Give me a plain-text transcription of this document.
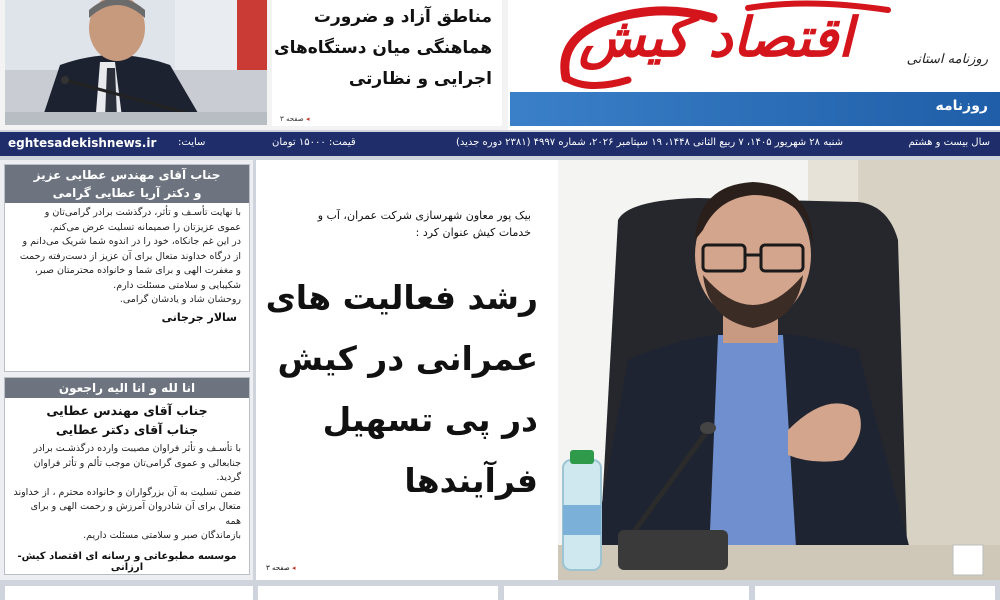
مناطق آزاد و ضرورت
هماهنگی میان دستگاه‌های
اجرایی و نظارتی
◂ صفحه ۳
اقتصاد کیش	روزنامه استانی
روزنامه
eghtesadekishnews.ir سایت:	قیمت: ۱۵۰۰۰ تومان	شنبه ۲۸ شهریور ۱۴۰۵، ۷ ربیع الثانی ۱۴۴۸، ۱۹ سپتامبر ۲۰۲۶، شماره ۴۹۹۷ (۲۳۸۱ دوره جدید)	سال بیست و هشتم
جناب آقای مهندس عطایی عزیز
و دکتر آریا عطایی گرامی
با نهایت تأسـف و تأثر، درگذشت برادر گرامی‌تان و
عموی عزیزتان را صمیمانه تسلیت عرض می‌کنم.
در این غم جانکاه، خود را در اندوه شما شریک می‌دانم و
از درگاه خداوند متعال برای آن عزیز از دست‌رفته رحمت
و مغفرت الهی و برای شما و خانواده محترمتان صبر،
شکیبایی و سلامتی مسئلت دارم.
روحشان شاد و یادشان گرامی.
سالار جرجانی
انا لله و انا الیه راجعون
جناب آقای مهندس عطایی
جناب آقای دکتر عطایی
با تأسـف و تأثر فراوان مصیبت وارده درگذشـت برادر
جنابعالی و عموی گرامی‌تان موجب تألم و تأثر فراوان گردید.
ضمن تسلیت به آن بزرگواران و خانواده محترم ، از خداوند
متعال برای آن شادروان آمرزش و رحمت الهی و برای همه
بازماندگان صبر و سلامتی مسئلت داریم.
موسسه مطبوعاتی و رسانه ای اقتصاد کیش- ارزانی
بیک پور معاون شهرسازی شرکت عمران، آب و
خدمات کیش عنوان کرد :
رشد فعالیت های
عمرانی در کیش
در پی تسهیل
فرآیندها
◂ صفحه ۳
